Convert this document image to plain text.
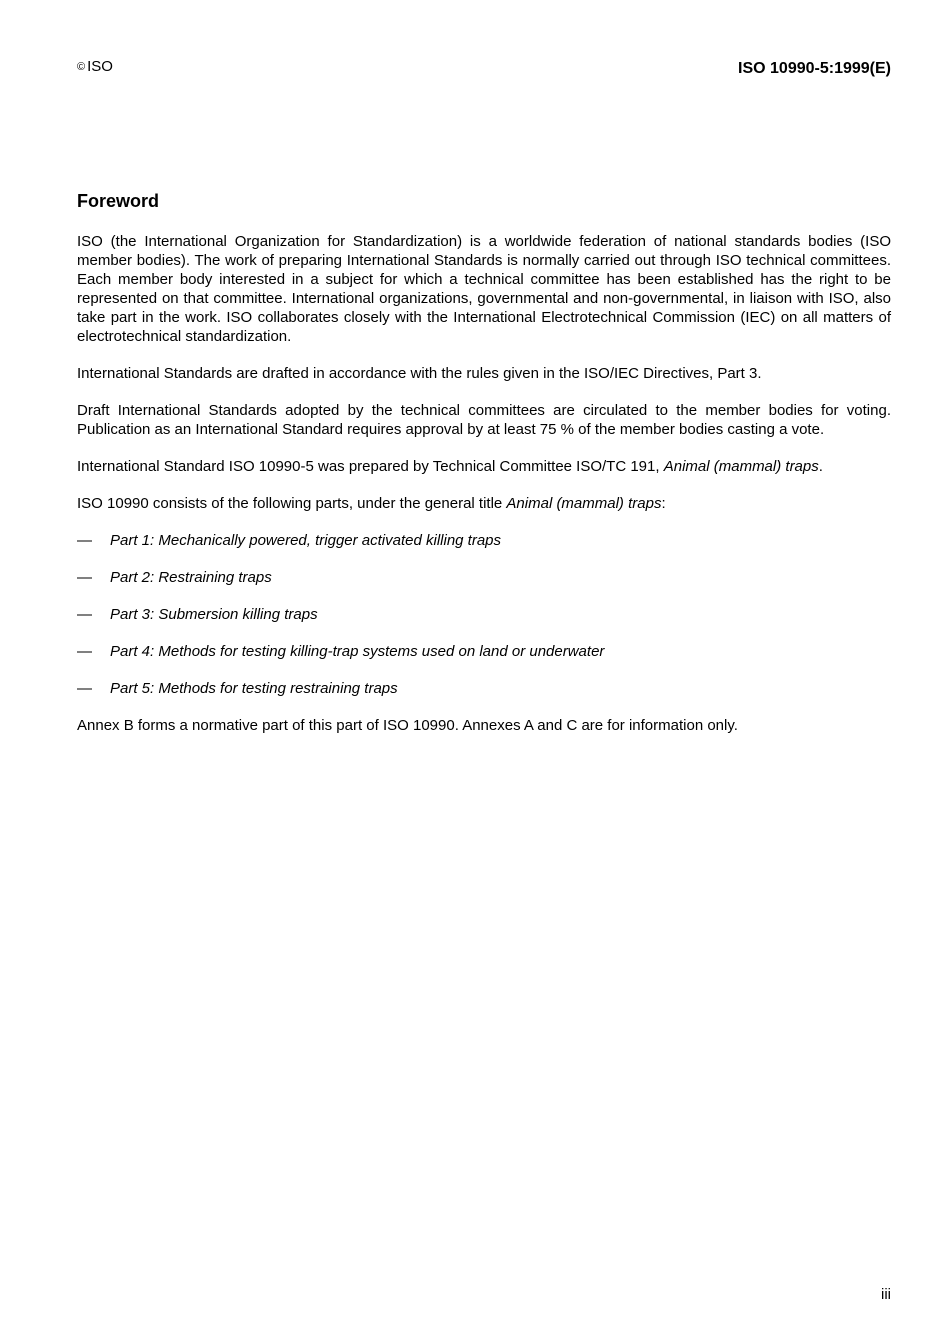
© ISO	ISO 10990-5:1999(E)
Foreword

ISO (the International Organization for Standardization) is a worldwide federation of national standards bodies (ISO member bodies). The work of preparing International Standards is normally carried out through ISO technical committees. Each member body interested in a subject for which a technical committee has been established has the right to be represented on that committee. International organizations, governmental and non-governmental, in liaison with ISO, also take part in the work. ISO collaborates closely with the International Electrotechnical Commission (IEC) on all matters of electrotechnical standardization.

International Standards are drafted in accordance with the rules given in the ISO/IEC Directives, Part 3.

Draft International Standards adopted by the technical committees are circulated to the member bodies for voting. Publication as an International Standard requires approval by at least 75 % of the member bodies casting a vote.

International Standard ISO 10990-5 was prepared by Technical Committee ISO/TC 191, Animal (mammal) traps.

ISO 10990 consists of the following parts, under the general title Animal (mammal) traps:

—	Part 1: Mechanically powered, trigger activated killing traps
—	Part 2: Restraining traps
—	Part 3: Submersion killing traps
—	Part 4: Methods for testing killing-trap systems used on land or underwater
—	Part 5: Methods for testing restraining traps

Annex B forms a normative part of this part of ISO 10990. Annexes A and C are for information only.

iii
